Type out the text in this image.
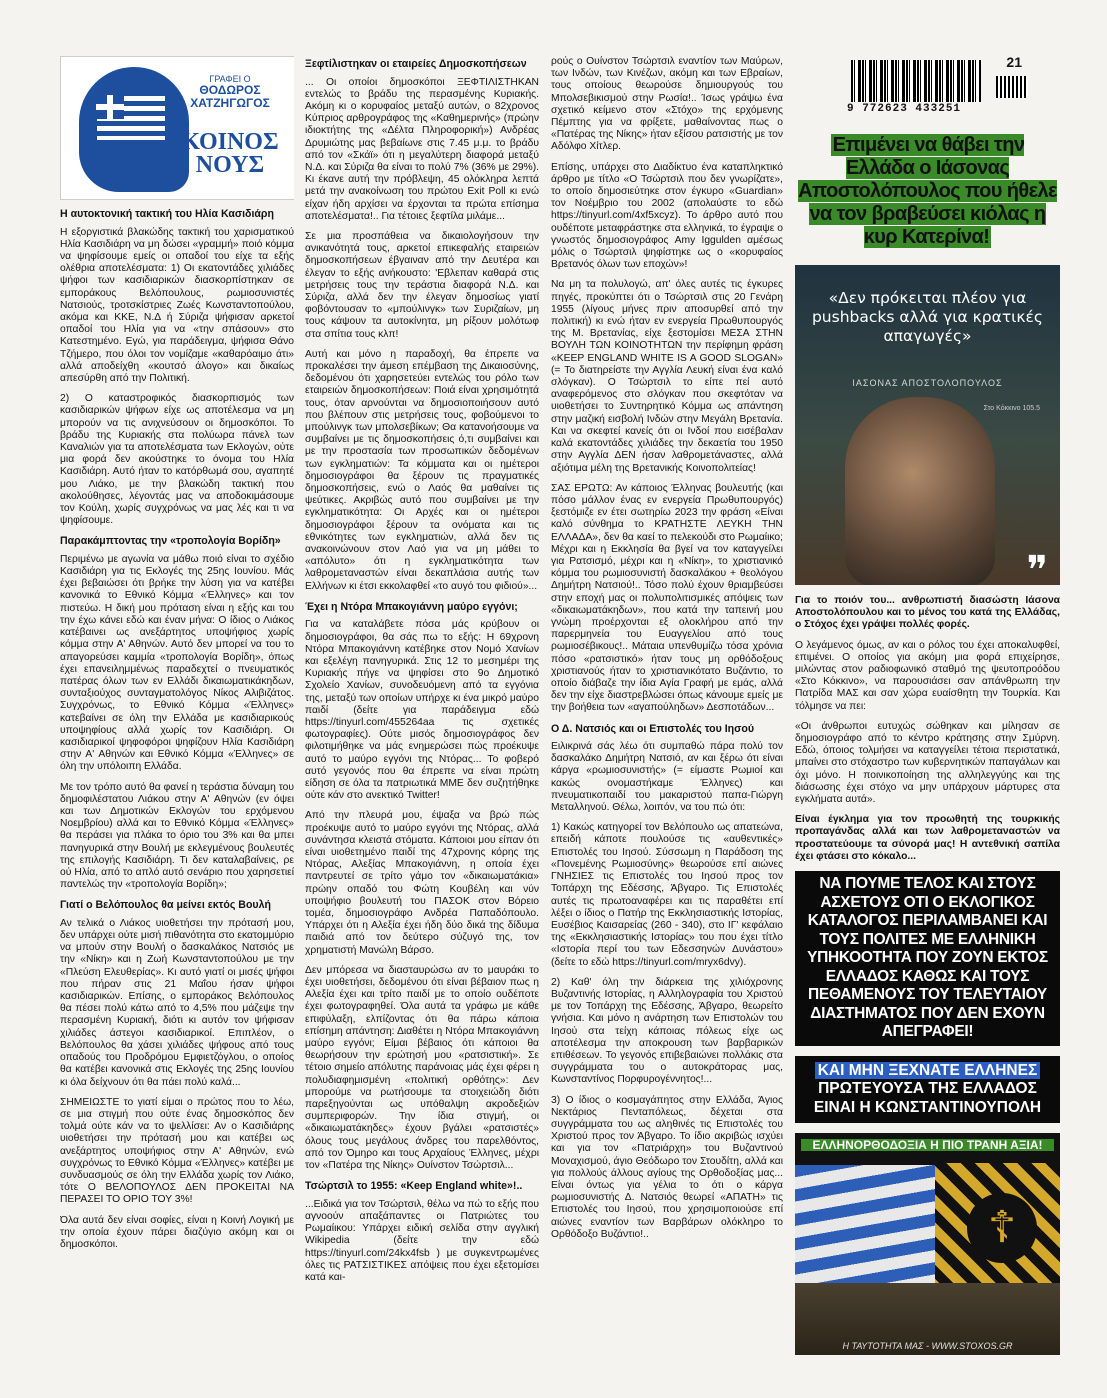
ΓΡΑΦΕΙ Ο
ΘΟΔΩΡΟΣ ΧΑΤΖΗΓΩΓΟΣ
ΚΟΙΝΟΣ ΝΟΥΣ
Η αυτοκτονική τακτική του Ηλία Κασιδιάρη

Η εξοργιστικά βλακώδης τακτική του χαρισματικού Ηλία Κασιδιάρη να μη δώσει «γραμμή» ποιό κόμμα να ψηφίσουμε εμείς οι οπαδοί του είχε τα εξής ολέθρια αποτελέσματα: 1) Οι εκατοντάδες χιλιάδες ψήφοι των κασιδιαρικών διασκορπίστηκαν σε εμποράκους Βελόπουλους, ρωμιοσυνιστές Νατσιούς, τροτσκίστριες Ζωές Κωνσταντοπούλου, ακόμα και ΚΚΕ, Ν.Δ ή Σύριζα ψήφισαν αρκετοί οπαδοί του Ηλία για να «την σπάσουν» στο Κατεστημένο. Εγώ, για παράδειγμα, ψήφισα Θάνο Τζήμερο, που όλοι τον νομίζαμε «καθαρόαιμο άτι» αλλά αποδείχθη «κουτσό άλογο» και δικαίως απεσύρθη από την Πολιτική.

2) Ο καταστροφικός διασκορπισμός των κασιδιαρικών ψήφων είχε ως αποτέλεσμα να μη μπορούν να τις ανιχνεύσουν οι δημοσκόποι. Το βράδυ της Κυριακής στα πολύωρα πάνελ των Καναλιών για τα αποτελέσματα των Εκλογών, ούτε μια φορά δεν ακούστηκε το όνομα του Ηλία Κασιδιάρη. Αυτό ήταν το κατόρθωμά σου, αγαπητέ μου Λιάκο, με την βλακώδη τακτική που ακολούθησες, λέγοντάς μας να αποδοκιμάσουμε τον Κούλη, χωρίς συγχρόνως να μας λές και τι να ψηφίσουμε.

Παρακάμπτοντας την «τροπολογία Βορίδη»

Περιμένω με αγωνία να μάθω ποιό είναι το σχέδιο Κασιδιάρη για τις Εκλογές της 25ης Ιουνίου. Μάς έχει βεβαιώσει ότι βρήκε την λύση για να κατέβει κανονικά το Εθνικό Κόμμα «Έλληνες» και τον πιστεύω. Η δική μου πρόταση είναι η εξής και του την έχω κάνει εδώ και έναν μήνα: Ο ίδιος ο Λιάκος κατέβαινει ως ανεξάρτητος υποψήφιος χωρίς κόμμα στην Α' Αθηνών. Αυτό δεν μπορεί να του το απαγορεύσει καμμία «τροπολογία Βορίδη», όπως έχει επανειλημμένως παραδεχτεί ο πνευματικός πατέρας όλων των εν Ελλάδι δικαιωματικάκηδων, συνταξιούχος συνταγματολόγος Νίκος Αλιβιζάτος. Συγχρόνως, το Εθνικό Κόμμα «Έλληνες» κατεβαίνει σε όλη την Ελλάδα με κασιδιαρικούς υποψηφίους αλλά χωρίς τον Κασιδιάρη. Οι κασιδιαρικοί ψηφοφόροι ψηφίζουν Ηλία Κασιδιάρη στην Α' Αθηνών και Εθνικό Κόμμα «Έλληνες» σε όλη την υπόλοιπη Ελλάδα.

Με τον τρόπο αυτό θα φανεί η τεράστια δύναμη του δημοφιλέστατου Λιάκου στην Α' Αθηνών (εν όψει και των Δημοτικών Εκλογών του ερχόμενου Νοεμβρίου) αλλά και το Εθνικό Κόμμα «Έλληνες» θα περάσει για πλάκα το όριο του 3% και θα μπει πανηγυρικά στην Βουλή με εκλεγμένους βουλευτές της επιλογής Κασιδιάρη. Τι δεν καταλαβαίνεις, ρε ού Ηλία, από το απλό αυτό σενάριο που χαρησετιεί παντελώς την «τροπολογία Βορίδη»;

Γιατί ο Βελόπουλος θα μείνει εκτός Βουλή

Αν τελικά ο Λιάκος υιοθετήσει την πρότασή μου, δεν υπάρχει ούτε μισή πιθανότητα στο εκατομμύριο να μπούν στην Βουλή ο δασκαλάκος Νατσιός με την «Νίκη» και η Ζωή Κωνσταντοπούλου με την «Πλεύση Ελευθερίας». Κι αυτό γιατί οι μισές ψήφοι που πήραν στις 21 Μαΐου ήσαν ψήφοι κασιδιαρικών. Επίσης, ο εμποράκος Βελόπουλος θα πέσει πολύ κάτω από το 4,5% που μάζεψε την περασμένη Κυριακή, διότι κι αυτόν τον ψήφισαν χιλιάδες άστεγοι κασιδιαρικοί. Επιπλέον, ο Βελόπουλος θα χάσει χιλιάδες ψήφους από τους οπαδούς του Προδρόμου Εμφιετζόγλου, ο οποίος θα κατέβει κανονικά στις Εκλογές της 25ης Ιουνίου κι όλα δείχνουν ότι θα πάει πολύ καλά...

ΣΗΜΕΙΩΣΤΕ το γιατί είμαι ο πρώτος που το λέω, σε μια στιγμή που ούτε ένας δημοσκόπος δεν τολμά ούτε κάν να το ψελλίσει: Αν ο Κασιδιάρης υιοθετήσει την πρότασή μου και κατέβει ως ανεξάρτητος υποψήφιος στην Α' Αθηνών, ενώ συγχρόνως το Εθνικό Κόμμα «Έλληνες» κατέβει με συνδυασμούς σε όλη την Ελλάδα χωρίς τον Λιάκο, τότε Ο ΒΕΛΟΠΟΥΛΟΣ ΔΕΝ ΠΡΟΚΕΙΤΑΙ ΝΑ ΠΕΡΑΣΕΙ ΤΟ ΟΡΙΟ ΤΟΥ 3%!

Όλα αυτά δεν είναι σοφίες, είναι η Κοινή Λογική με την οποία έχουν πάρει διαζύγιο ακόμη και οι δημοσκόποι.

Ξεφτίλιστηκαν οι εταιρείες Δημοσκοπήσεων

... Οι οποίοι δημοσκόποι ΞΕΦΤΙΛΙΣΤΗΚΑΝ εντελώς το βράδυ της περασμένης Κυριακής. Ακόμη κι ο κορυφαίος μεταξύ αυτών, ο 82χρονος Κύπριος αρθρογράφος της «Καθημερινής» (πρώην ιδιοκτήτης της «Δέλτα Πληροφορική») Ανδρέας Δρυμιώτης μας βεβαίωνε στις 7.45 μ.μ. το βράδυ από τον «Σκάϊ» ότι η μεγαλύτερη διαφορά μεταξύ Ν.Δ. και Σύριζα θα είναι το πολύ 7% (36% με 29%). Κι έκανε αυτή την πρόβλεψη, 45 ολόκληρα λεπτά μετά την ανακοίνωση του πρώτου Exit Poll κι ενώ είχαν ήδη αρχίσει να έρχονται τα πρώτα επίσημα αποτελέσματα!.. Για τέτοιες ξεφτίλα μιλάμε...

Σε μια προσπάθεια να δικαιολογήσουν την ανικανότητά τους, αρκετοί επικεφαλής εταιρειών δημοσκοπήσεων έβγαιναν από την Δευτέρα και έλεγαν το εξής ανήκουστο: 'Εβλεπαν καθαρά στις μετρήσεις τους την τεράστια διαφορά Ν.Δ. και Σύριζα, αλλά δεν την έλεγαν δημοσίως γιατί φοβόντουσαν το «μπούλινγκ» των Συριζαίων, μη τους κάψουν τα αυτοκίνητα, μη ρίξουν μολότωφ στα σπίτια τους κλπ!

Αυτή και μόνο η παραδοχή, θα έπρεπε να προκαλέσει την άμεση επέμβαση της Δικαιοσύνης, δεδομένου ότι χαρησετεύει εντελώς του ρόλο των εταιρειών δημοσκοπήσεων: Ποιά είναι χρησιμότητά τους, όταν αρνούνται να δημοσιοποιήσουν αυτό που βλέπουν στις μετρήσεις τους, φοβούμενοι το μπούλινγκ των μπολσεβίκων; Θα κατανοήσουμε να συμβαίνει με τις δημοσκοπήσεις ό,τι συμβαίνει και με την προστασία των προσωπικών δεδομένων των εγκληματιών: Τα κόμματα και οι ημέτεροι δημοσιογράφοι θα ξέρουν τις πραγματικές δημοσκοπήσεις, ενώ ο Λαός θα μαθαίνει τις ψεύτικες. Ακριβώς αυτό που συμβαίνει με την εγκληματικότητα: Οι Αρχές και οι ημέτεροι δημοσιογράφοι ξέρουν τα ονόματα και τις εθνικότητες των εγκληματιών, αλλά δεν τις ανακοινώνουν στον Λαό για να μη μάθει το «απόλυτο» ότι η εγκληματικότητα των λαθρομεταναστών είναι δεκαπλάσια αυτής των Ελλήνων κι έτσι εκκολαφθεί «το αυγό του φιδιού»...

Έχει η Ντόρα Μπακογιάννη μαύρο εγγόνι;

Για να καταλάβετε πόσα μάς κρύβουν οι δημοσιογράφοι, θα σάς πω το εξής: Η 69χρονη Ντόρα Μπακογιάννη κατέβηκε στον Νομό Χανίων και εξελέγη πανηγυρικά. Στις 12 το μεσημέρι της Κυριακής πήγε να ψηφίσει στο 9ο Δημοτικό Σχολείο Χανίων, συνοδευόμενη από τα εγγόνια της, μεταξύ των οποίων υπήρχε κι ένα μικρό μαύρο παιδί (δείτε για παράδειγμα εδώ https://tinyurl.com/455264aa τις σχετικές φωτογραφίες). Ούτε μισός δημοσιογράφος δεν φιλοτιμήθηκε να μάς ενημερώσει πώς προέκυψε αυτό το μαύρο εγγόνι της Ντόρας... Το φοβερό αυτό γεγονός που θα έπρεπε να είναι πρώτη είδηση σε όλα τα πατριωτικά ΜΜΕ δεν συζητήθηκε ούτε κάν στο ανεκτικό Twitter!

Από την πλευρά μου, έψαξα να βρώ πώς προέκυψε αυτό το μαύρο εγγόνι της Ντόρας, αλλά συνάντησα κλειστά στόματα. Κάποιοι μου είπαν ότι είναι υιοθετημένο παιδί της 47χρονης κόρης της Ντόρας, Αλεξίας Μπακογιάννη, η οποία έχει παντρευτεί σε τρίτο γάμο τον «δικαιωματάκια» πρώην οπαδό του Φώτη Κουβέλη και νύν υποψήφιο βουλευτή του ΠΑΣΟΚ στον Βόρειο τομέα, δημοσιογράφο Ανδρέα Παπαδόπουλο. Υπάρχει ότι η Αλεξία έχει ήδη δύο δικά της δίδυμα παιδιά από τον δεύτερο σύζυγό της, τον χρηματιστή Μανώλη Βάρσο.

Δεν μπόρεσα να διασταυρώσω αν το μαυράκι το έχει υιοθετήσει, δεδομένου ότι είναι βέβαιον πως η Αλεξία έχει και τρίτο παιδί με το οποίο ουδέποτε έχει φωτογραφηθεί. Όλα αυτά τα γράφω με κάθε επιφύλαξη, ελπίζοντας ότι θα πάρω κάποια επίσημη απάντηση: Διαθέτει η Ντόρα Μπακογιάννη μαύρο εγγόνι; Είμαι βέβαιος ότι κάποιοι θα θεωρήσουν την ερώτησή μου «ρατσιστική». Σε τέτοιο σημείο απόλυτης παράνοιας μάς έχει φέρει η πολυδιαφημισμένη «πολιτική ορθότης»: Δεν μπορούμε να ρωτήσουμε τα στοιχειώδη διότι παρεξηγούνται ως υπόθαλψη ακροδεξιών συμπεριφορών. Την ίδια στιγμή, οι «δικαιωματάκηδες» έχουν βγάλει «ρατσιστές» όλους τους μεγάλους άνδρες του παρελθόντος, από τον Όμηρο και τους Αρχαίους Έλληνες, μέχρι τον «Πατέρα της Νίκης» Ουίνστον Τσώρτσιλ...

Τσώρτσιλ το 1955: «Keep England white»!..

...Ειδικά για τον Τσώρτσιλ, θέλω να πώ το εξής που αγνοούν απαξάπαντες οι Πατριώτες του Ρωμαίικου: Υπάρχει ειδική σελίδα στην αγγλική Wikipedia (δείτε την εδώ https://tinyurl.com/24kx4fsb ) με συγκεντρωμένες όλες τις ΡΑΤΣΙΣΤΙΚΕΣ απόψεις που έχει εξετομίσει κατά και-

ρούς ο Ουίνστον Τσώρτσιλ εναντίον των Μαύρων, των Ινδών, των Κινέζων, ακόμη και των Εβραίων, τους οποίους θεωρούσε δημιουργούς του Μπολσεβικισμού στην Ρωσία!.. Ίσως γράψω ένα σχετικό κείμενο στον «Στόχο» της ερχόμενης Πέμπτης για να φρίξετε, μαθαίνοντας πως ο «Πατέρας της Νίκης» ήταν εξίσου ρατσιστής με τον Αδόλφο Χίτλερ.

Επίσης, υπάρχει στο Διαδίκτυο ένα καταπληκτικό άρθρο με τίτλο «Ο Τσώρτσιλ που δεν γνωρίζατε», το οποίο δημοσιεύτηκε στον έγκυρο «Guardian» τον Νοέμβριο του 2002 (απολαύστε το εδώ https://tinyurl.com/4xf5xcyz). Το άρθρο αυτό που ουδέποτε μεταφράστηκε στα ελληνικά, το έγραψε ο γνωστός δημοσιογράφος Amy Iggulden αμέσως μόλις ο Τσώρτσιλ ψηφίστηκε ως ο «κορυφαίος Βρετανός όλων των εποχών»!

Να μη τα πολυλογώ, απ' όλες αυτές τις έγκυρες πηγές, προκύπτει ότι ο Τσώρτσιλ στις 20 Γενάρη 1955 (λίγους μήνες πριν αποσυρθεί από την πολιτική) κι ενώ ήταν εν ενεργεία Πρωθυπουργός της Μ. Βρετανίας, είχε ξεστομίσει ΜΕΣΑ ΣΤΗΝ ΒΟΥΛΗ ΤΩΝ ΚΟΙΝΟΤΗΤΩΝ την περίφημη φράση «KEEP ENGLAND WHITE IS A GOOD SLOGAN» (= Το διατηρείστε την Αγγλία Λευκή είναι ένα καλό σλόγκαν). Ο Τσώρτσιλ το είπε πεί αυτό αναφερόμενος στο σλόγκαν που σκεφτόταν να υιοθετήσει το Συντηρητικό Κόμμα ως απάντηση στην μαζική εισβολή Ινδών στην Μεγάλη Βρετανία. Και να σκεφτεί κανείς ότι οι Ινδοί που εισέβαλαν καλά εκατοντάδες χιλιάδες την δεκαετία του 1950 στην Αγγλία ΔΕΝ ήσαν λαθρομετάναστες, αλλά αξιότιμα μέλη της Βρετανικής Κοινοπολιτείας!

ΣΑΣ ΕΡΩΤΩ: Αν κάποιος Έλληνας βουλευτής (και πόσο μάλλον ένας εν ενεργεία Πρωθυπουργός) ξεστόμιζε εν έτει σωτηρίω 2023 την φράση «Είναι καλό σύνθημα το ΚΡΑΤΗΣΤΕ ΛΕΥΚΗ ΤΗΝ ΕΛΛΑΔΑ», δεν θα καεί το πελεκούδι στο Ρωμαίικο; Μέχρι και η Εκκλησία θα βγεί να τον καταγγείλει για Ρατσισμό, μέχρι και η «Νίκη», το χριστιανικό κόμμα του ρωμιοσυνιστή δασκαλάκου + θεολόγου Δημήτρη Νατσιού!.. Τόσο πολύ έχουν θριαμβεύσει στην εποχή μας οι πολυπολιτισμικές απόψεις των «δικαιωματάκηδων», που κατά την ταπεινή μου γνώμη προέρχονται εξ ολοκλήρου από την παρερμηνεία του Ευαγγελίου από τους ρωμιοσέβικους!.. Μάταια υπενθυμίζω τόσα χρόνια πόσο «ρατσιστικό» ήταν τους μη ορθόδοξους χριστιανούς ήταν το χριστιανικότατο Βυζάντιο, το οποίο διάβαζε την ίδια Αγία Γραφή με εμάς, αλλά δεν την είχε διαστρεβλώσει όπως κάνουμε εμείς με την βοήθεια των «αγαπούληδων» Δεσποτάδων...

Ο Δ. Νατσιός και οι Επιστολές του Ιησού

Ειλικρινά σάς λέω ότι συμπαθώ πάρα πολύ τον δασκαλάκο Δημήτρη Νατσιό, αν και ξέρω ότι είναι κάργα «ρωμιοσυνιστής» (= είμαστε Ρωμιοί και κακώς ονομαστήκαμε Έλληνες) και πνευματικοπαιδί του μακαριστού παπα-Γιώργη Μεταλληνού. Θέλω, λοιπόν, να του πώ ότι:

1) Κακώς κατηγορεί τον Βελόπουλο ως απατεώνα, επειδή κάποτε πουλούσε τις «αυθεντικές» Επιστολές του Ιησού. Σύσσωμη η Παράδοση της «Πονεμένης Ρωμιοσύνης» θεωρούσε επί αιώνες ΓΝΗΣΙΕΣ τις Επιστολές του Ιησού προς τον Τοπάρχη της Εδέσσης, Άβγαρο. Τις Επιστολές αυτές τις πρωτοαναφέρει και τις παραθέτει επί λέξει ο ίδιος ο Πατήρ της Εκκλησιαστικής Ιστορίας, Ευσέβιος Καισαρείας (260 - 340), στο ΙΓ' κεφάλαιο της «Εκκλησιαστικής Ιστορίας» του που έχει τίτλο «Ιστορία περί του των Εδεσσηνών Δυνάστου» (δείτε το εδώ https://tinyurl.com/mryx6dvy).

2) Καθ' όλη την διάρκεια της χιλιόχρονης Βυζαντινής Ιστορίας, η Αλληλογραφία του Χριστού με τον Τοπάρχη της Εδέσσης, Άβγαρο, θεωρείτο γνήσια. Και μόνο η ανάρτηση των Επιστολών του Ιησού στα τείχη κάποιας πόλεως είχε ως αποτέλεσμα την αποκρουση των βαρβαρικών επιθέσεων. Το γεγονός επιβεβαιώνει πολλάκις στα συγγράμματα του ο αυτοκράτορας μας, Κωνσταντίνος Πορφυρογέννητος!...

3) Ο ίδιος ο κοσμαγάπητος στην Ελλάδα, Άγιος Νεκτάριος Πενταπόλεως, δέχεται στα συγγράμματα του ως αληθινές τις Επιστολές του Χριστού προς τον Άβγαρο. Το ίδιο ακριβώς ισχύει και για τον «Πατριάρχη» του Βυζαντινού Μοναχισμού, άγιο Θεόδωρο τον Στουδίτη, αλλά και για πολλούς άλλους αγίους της Ορθοδοξίας μας... Είναι όντως για γέλια το ότι ο κάργα ρωμιοσυνιστής Δ. Νατσιός θεωρεί «ΑΠΑΤΗ» τις Επιστολές του Ιησού, που χρησιμοποιούσε επί αιώνες εναντίον των Βαρβάρων ολόκληρο το Ορθόδοξο Βυζάντιο!..

9 772623 433251
21
Επιμένει να θάβει την Ελλάδα ο Ιάσονας Αποστολόπουλος που ήθελε να τον βραβεύσει κιόλας η κυρ Κατερίνα!
«Δεν πρόκειται πλέον για pushbacks αλλά για κρατικές απαγωγές»
ΙΑΣΟΝΑΣ ΑΠΟΣΤΟΛΟΠΟΥΛΟΣ
Στο Κόκκινο 105.5
❞

Για το ποιόν του... ανθρωπιστή διασώστη Ιάσονα Αποστολόπουλου και το μένος του κατά της Ελλάδας, ο Στόχος έχει γράψει πολλές φορές.

Ο λεγάμενος όμως, αν και ο ρόλος του έχει αποκαλυφθεί, επιμένει. Ο οποίος για ακόμη μια φορά επιχείρησε, μιλώντας στον ραδιοφωνικό σταθμό της ψευτοπροόδου «Στο Κόκκινο», να παρουσιάσει σαν απάνθρωπη την Πατρίδα ΜΑΣ και σαν χώρα ευαίσθητη την Τουρκία. Και τόλμησε να πει:

«Οι άνθρωποι ευτυχώς σώθηκαν και μίλησαν σε δημοσιογράφο από το κέντρο κράτησης στην Σμύρνη. Εδώ, όποιος τολμήσει να καταγγείλει τέτοια περιστατικά, μπαίνει στο στόχαστρο των κυβερνητικών παπαγάλων και όχι μόνο. Η ποινικοποίηση της αλληλεγγύης και της διάσωσης έχει στόχο να μην υπάρχουν μάρτυρες στα εγκλήματα αυτά».

Είναι έγκλημα για τον προωθητή της τουρκικής προπαγάνδας αλλά και των λαθρομεταναστών να προστατεύουμε τα σύνορά μας! Η αντεθνική σαπίλα έχει φτάσει στο κόκαλο...

ΝΑ ΠΟΥΜΕ ΤΕΛΟΣ ΚΑΙ ΣΤΟΥΣ ΑΣΧΕΤΟΥΣ ΟΤΙ Ο ΕΚΛΟΓΙΚΟΣ ΚΑΤΑΛΟΓΟΣ ΠΕΡΙΛΑΜΒΑΝΕΙ ΚΑΙ ΤΟΥΣ ΠΟΛΙΤΕΣ ΜΕ ΕΛΛΗΝΙΚΗ ΥΠΗΚΟΟΤΗΤΑ ΠΟΥ ΖΟΥΝ ΕΚΤΟΣ ΕΛΛΑΔΟΣ ΚΑΘΩΣ ΚΑΙ ΤΟΥΣ ΠΕΘΑΜΕΝΟΥΣ ΤΟΥ ΤΕΛΕΥΤΑΙΟΥ ΔΙΑΣΤΗΜΑΤΟΣ ΠΟΥ ΔΕΝ ΕΧΟΥΝ ΑΠΕΓΡΑΦΕΙ!
ΚΑΙ ΜΗΝ ΞΕΧΝΑΤΕ ΕΛΛΗΝΕΣ
ΠΡΩΤΕΥΟΥΣΑ ΤΗΣ ΕΛΛΑΔΟΣ ΕΙΝΑΙ Η ΚΩΝΣΤΑΝΤΙΝΟΥΠΟΛΗ
☦
ΕΛΛΗΝΟΡΘΟΔΟΞΙΑ Η ΠΙΟ ΤΡΑΝΗ ΑΞΙΑ!
Η ΤΑΥΤΟΤΗΤΑ ΜΑΣ - WWW.STOXOS.GR
